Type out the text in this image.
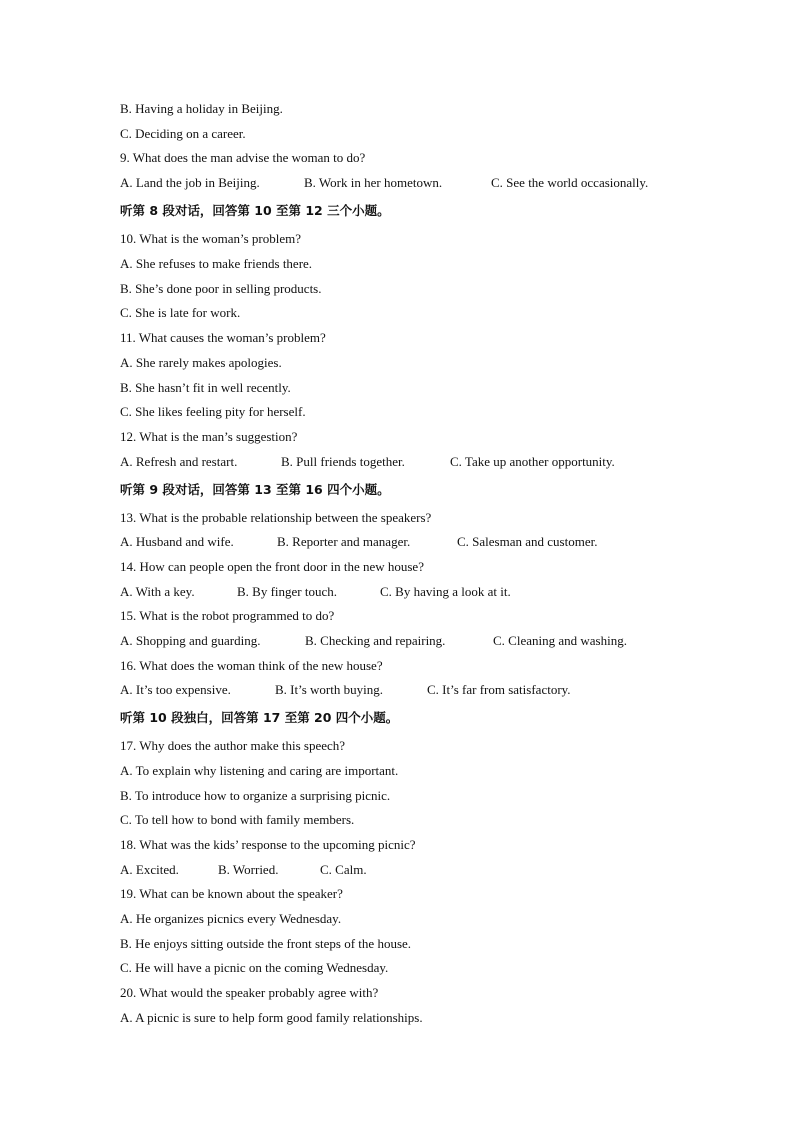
B. Having a holiday in Beijing.
C. Deciding on a career.
9. What does the man advise the woman to do?
A. Land the job in Beijing.	B. Work in her hometown.	C. See the world occasionally.
听第 8 段对话，回答第 10 至第 12 三个小题。
10. What is the woman’s problem?
A. She refuses to make friends there.
B. She’s done poor in selling products.
C. She is late for work.
11. What causes the woman’s problem?
A. She rarely makes apologies.
B. She hasn’t fit in well recently.
C. She likes feeling pity for herself.
12. What is the man’s suggestion?
A. Refresh and restart.	B. Pull friends together.	C. Take up another opportunity.
听第 9 段对话，回答第 13 至第 16 四个小题。
13. What is the probable relationship between the speakers?
A. Husband and wife.	B. Reporter and manager.	C. Salesman and customer.
14. How can people open the front door in the new house?
A. With a key.	B. By finger touch.	C. By having a look at it.
15. What is the robot programmed to do?
A. Shopping and guarding.	B. Checking and repairing.	C. Cleaning and washing.
16. What does the woman think of the new house?
A. It’s too expensive.	B. It’s worth buying.	C. It’s far from satisfactory.
听第 10 段独白，回答第 17 至第 20 四个小题。
17. Why does the author make this speech?
A. To explain why listening and caring are important.
B. To introduce how to organize a surprising picnic.
C. To tell how to bond with family members.
18. What was the kids’ response to the upcoming picnic?
A. Excited.	B. Worried.	C. Calm.
19. What can be known about the speaker?
A. He organizes picnics every Wednesday.
B. He enjoys sitting outside the front steps of the house.
C. He will have a picnic on the coming Wednesday.
20. What would the speaker probably agree with?
A. A picnic is sure to help form good family relationships.
